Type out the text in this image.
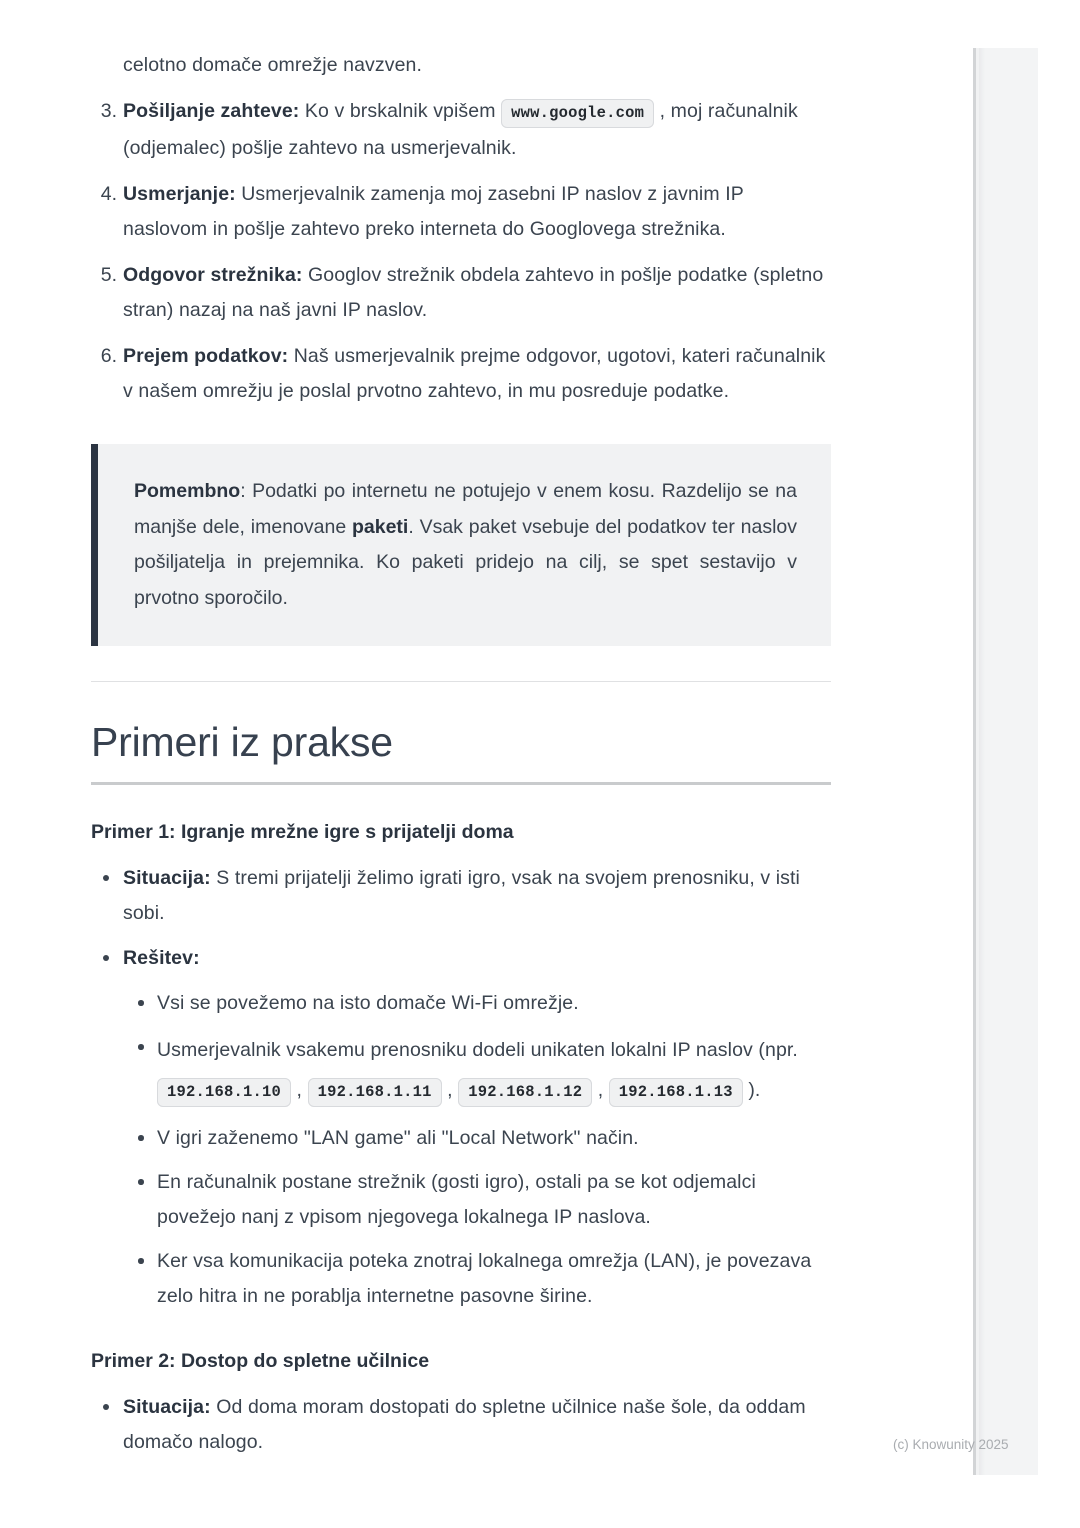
celotno domače omrežje navzven.
3. Pošiljanje zahteve: Ko v brskalnik vpišem www.google.com , moj računalnik (odjemalec) pošlje zahtevo na usmerjevalnik.
4. Usmerjanje: Usmerjevalnik zamenja moj zasebni IP naslov z javnim IP naslovom in pošlje zahtevo preko interneta do Googlovega strežnika.
5. Odgovor strežnika: Googlov strežnik obdela zahtevo in pošlje podatke (spletno stran) nazaj na naš javni IP naslov.
6. Prejem podatkov: Naš usmerjevalnik prejme odgovor, ugotovi, kateri računalnik v našem omrežju je poslal prvotno zahtevo, in mu posreduje podatke.

Pomembno: Podatki po internetu ne potujejo v enem kosu. Razdelijo se na manjše dele, imenovane paketi. Vsak paket vsebuje del podatkov ter naslov pošiljatelja in prejemnika. Ko paketi pridejo na cilj, se spet sestavijo v prvotno sporočilo.

Primeri iz prakse
Primer 1: Igranje mrežne igre s prijatelji doma
Situacija: S tremi prijatelji želimo igrati igro, vsak na svojem prenosniku, v isti sobi.
Rešitev:
Vsi se povežemo na isto domače Wi-Fi omrežje.
Usmerjevalnik vsakemu prenosniku dodeli unikaten lokalni IP naslov (npr. 192.168.1.10 , 192.168.1.11 , 192.168.1.12 , 192.168.1.13 ).
V igri zaženemo "LAN game" ali "Local Network" način.
En računalnik postane strežnik (gosti igro), ostali pa se kot odjemalci povežejo nanj z vpisom njegovega lokalnega IP naslova.
Ker vsa komunikacija poteka znotraj lokalnega omrežja (LAN), je povezava zelo hitra in ne porablja internetne pasovne širine.
Primer 2: Dostop do spletne učilnice
Situacija: Od doma moram dostopati do spletne učilnice naše šole, da oddam domačo nalogo.	(c) Knowunity 2025
